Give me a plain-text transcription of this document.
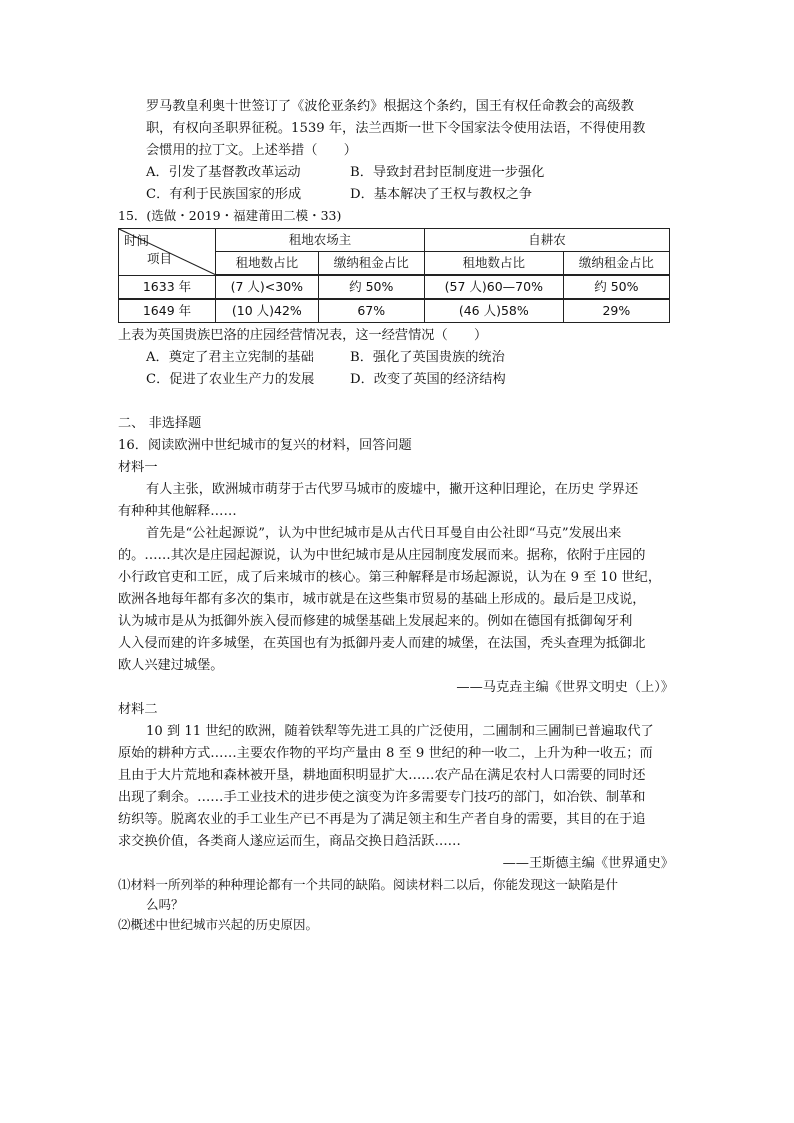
罗马教皇利奥十世签订了《波伦亚条约》根据这个条约，国王有权任命教会的高级教

职，有权向圣职界征税。1539 年，法兰西斯一世下令国家法令使用法语，不得使用教

会惯用的拉丁文。上述举措（　　）

A．引发了基督教改革运动	B．导致封君封臣制度进一步强化
C．有利于民族国家的形成	D．基本解决了王权与教权之争

15．(选做・2019・福建莆田二模・33)

时间
项目	租地农场主		自耕农	
	租地数占比	缴纳租金占比	租地数占比	缴纳租金占比
1633 年	(7 人)<30%	约 50%	(57 人)60—70%	约 50%
1649 年	(10 人)42%	67%	(46 人)58%	29%

上表为英国贵族巴洛的庄园经营情况表，这一经营情况（　　）

A．奠定了君主立宪制的基础	B．强化了英国贵族的统治
C．促进了农业生产力的发展	D．改变了英国的经济结构

二、 非选择题

16．阅读欧洲中世纪城市的复兴的材料，回答问题

材料一

有人主张，欧洲城市萌芽于古代罗马城市的废墟中，撇开这种旧理论，在历史 学界还

有种种其他解释……

首先是“公社起源说”，认为中世纪城市是从古代日耳曼自由公社即“马克”发展出来

的。……其次是庄园起源说，认为中世纪城市是从庄园制度发展而来。据称，依附于庄园的

小行政官吏和工匠，成了后来城市的核心。第三种解释是市场起源说，认为在 9 至 10 世纪，

欧洲各地每年都有多次的集市，城市就是在这些集市贸易的基础上形成的。最后是卫戍说，

认为城市是从为抵御外族入侵而修建的城堡基础上发展起来的。例如在德国有抵御匈牙利

人入侵而建的许多城堡，在英国也有为抵御丹麦人而建的城堡，在法国，秃头查理为抵御北

欧人兴建过城堡。

——马克垚主编《世界文明史（上）》

材料二

10 到 11 世纪的欧洲，随着铁犁等先进工具的广泛使用，二圃制和三圃制已普遍取代了

原始的耕种方式……主要农作物的平均产量由 8 至 9 世纪的种一收二，上升为种一收五；而

且由于大片荒地和森林被开垦，耕地面积明显扩大……农产品在满足农村人口需要的同时还

出现了剩余。……手工业技术的进步使之演变为许多需要专门技巧的部门，如冶铁、制革和

纺织等。脱离农业的手工业生产已不再是为了满足领主和生产者自身的需要，其目的在于追

求交换价值，各类商人遂应运而生，商品交换日趋活跃……

——王斯德主编《世界通史》

⑴材料一所列举的种种理论都有一个共同的缺陷。阅读材料二以后，你能发现这一缺陷是什

么吗？

⑵概述中世纪城市兴起的历史原因。
